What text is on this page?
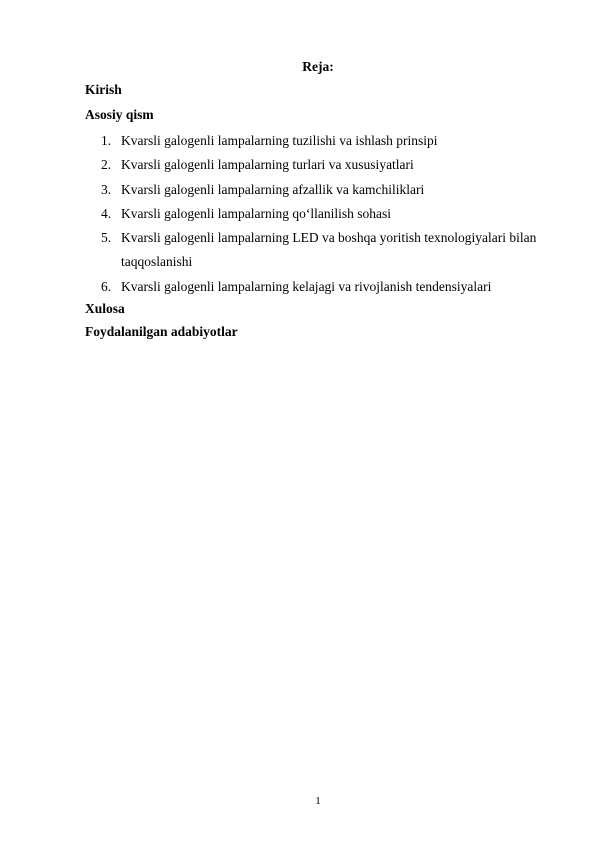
Reja:
Kirish
Asosiy qism
1. Kvarsli galogenli lampalarning tuzilishi va ishlash prinsipi
2. Kvarsli galogenli lampalarning turlari va xususiyatlari
3. Kvarsli galogenli lampalarning afzallik va kamchiliklari
4. Kvarsli galogenli lampalarning qo‘llanilish sohasi
5. Kvarsli galogenli lampalarning LED va boshqa yoritish texnologiyalari bilan taqqoslanishi
6. Kvarsli galogenli lampalarning kelajagi va rivojlanish tendensiyalari
Xulosa
Foydalanilgan adabiyotlar
1
